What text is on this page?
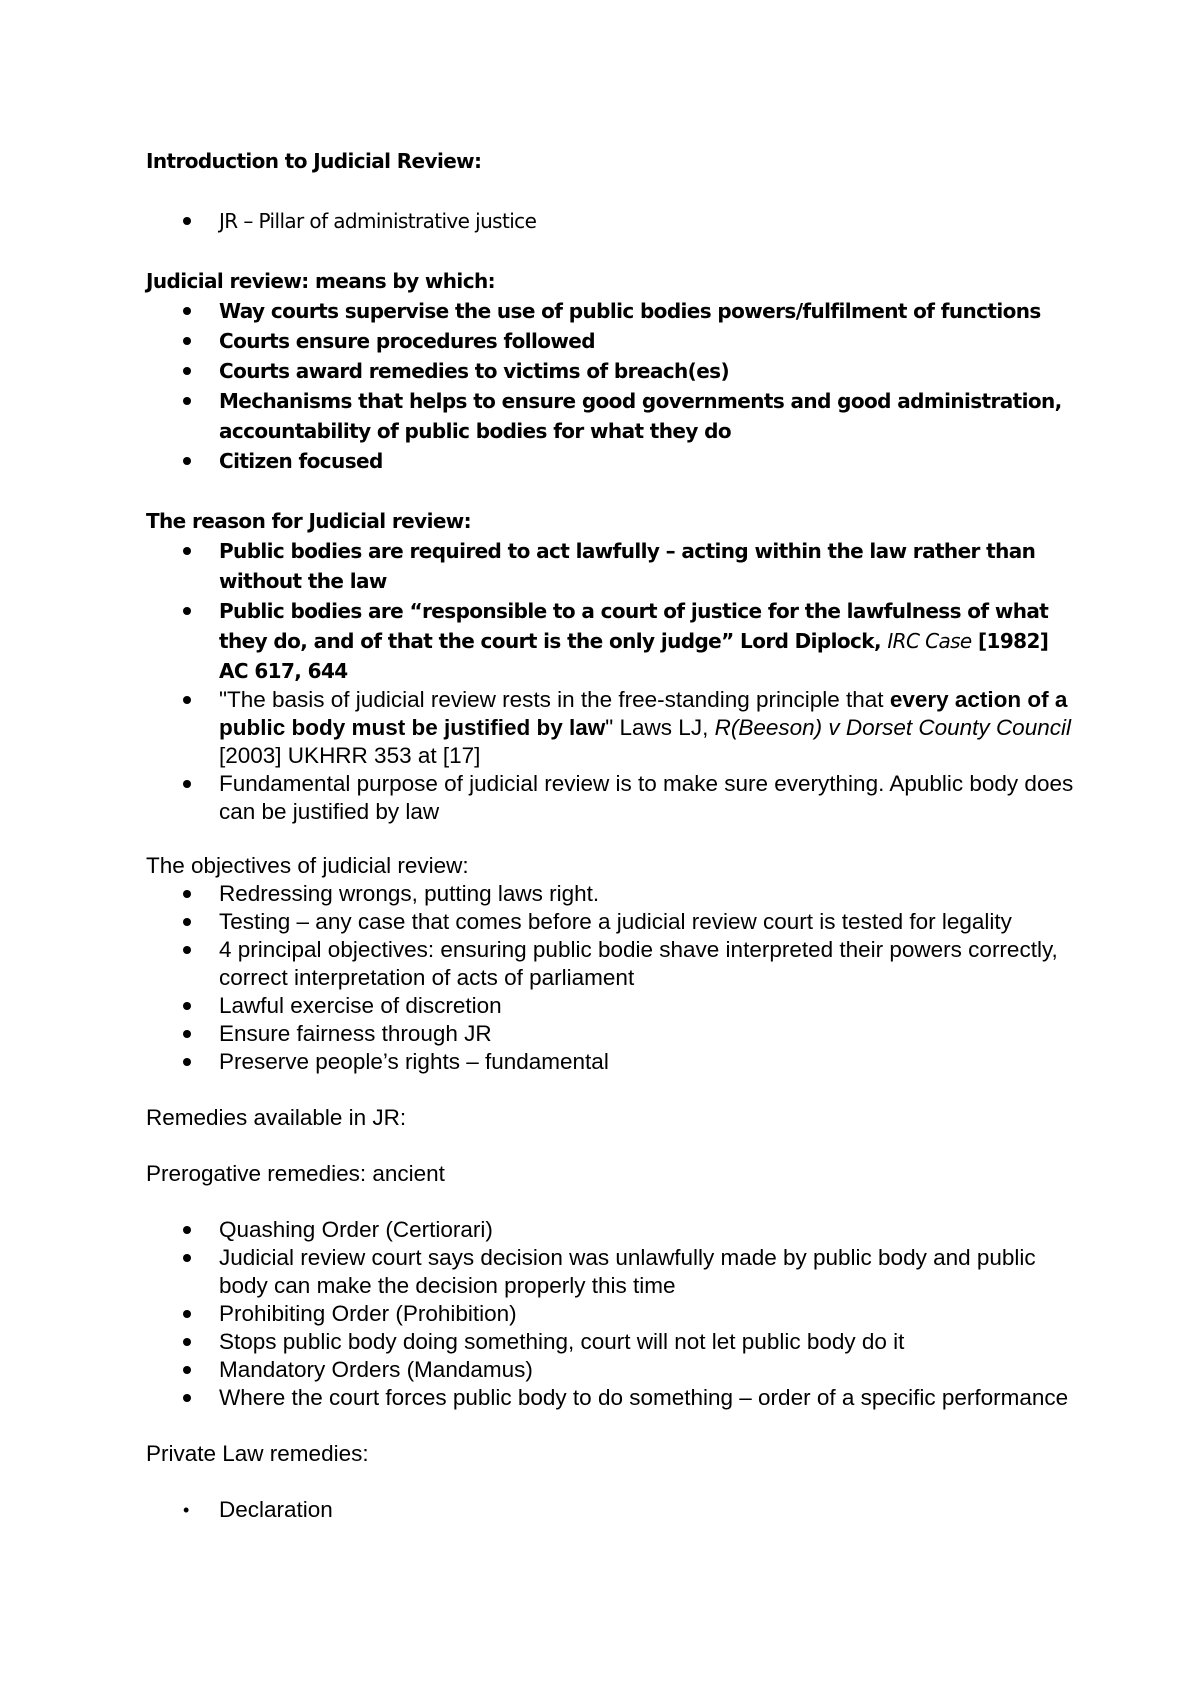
Introduction to Judicial Review:

JR – Pillar of administrative justice

Judicial review: means by which:

Way courts supervise the use of public bodies powers/fulfilment of functions
Courts ensure procedures followed
Courts award remedies to victims of breach(es)
Mechanisms that helps to ensure good governments and good administration, accountability of public bodies for what they do
Citizen focused

The reason for Judicial review:

Public bodies are required to act lawfully – acting within the law rather than without the law
Public bodies are “responsible to a court of justice for the lawfulness of what they do, and of that the court is the only judge” Lord Diplock, IRC Case [1982] AC 617, 644
"The basis of judicial review rests in the free-standing principle that every action of a public body must be justified by law" Laws LJ, R(Beeson) v Dorset County Council [2003] UKHRR 353 at [17]
Fundamental purpose of judicial review is to make sure everything. Apublic body does can be justified by law

The objectives of judicial review:

Redressing wrongs, putting laws right.
Testing – any case that comes before a judicial review court is tested for legality
4 principal objectives: ensuring public bodie shave interpreted their powers correctly, correct interpretation of acts of parliament
Lawful exercise of discretion
Ensure fairness through JR
Preserve people’s rights – fundamental

Remedies available in JR:

Prerogative remedies: ancient

Quashing Order (Certiorari)
Judicial review court says decision was unlawfully made by public body and public body can make the decision properly this time
Prohibiting Order (Prohibition)
Stops public body doing something, court will not let public body do it
Mandatory Orders (Mandamus)
Where the court forces public body to do something – order of a specific performance

Private Law remedies:

• Declaration
